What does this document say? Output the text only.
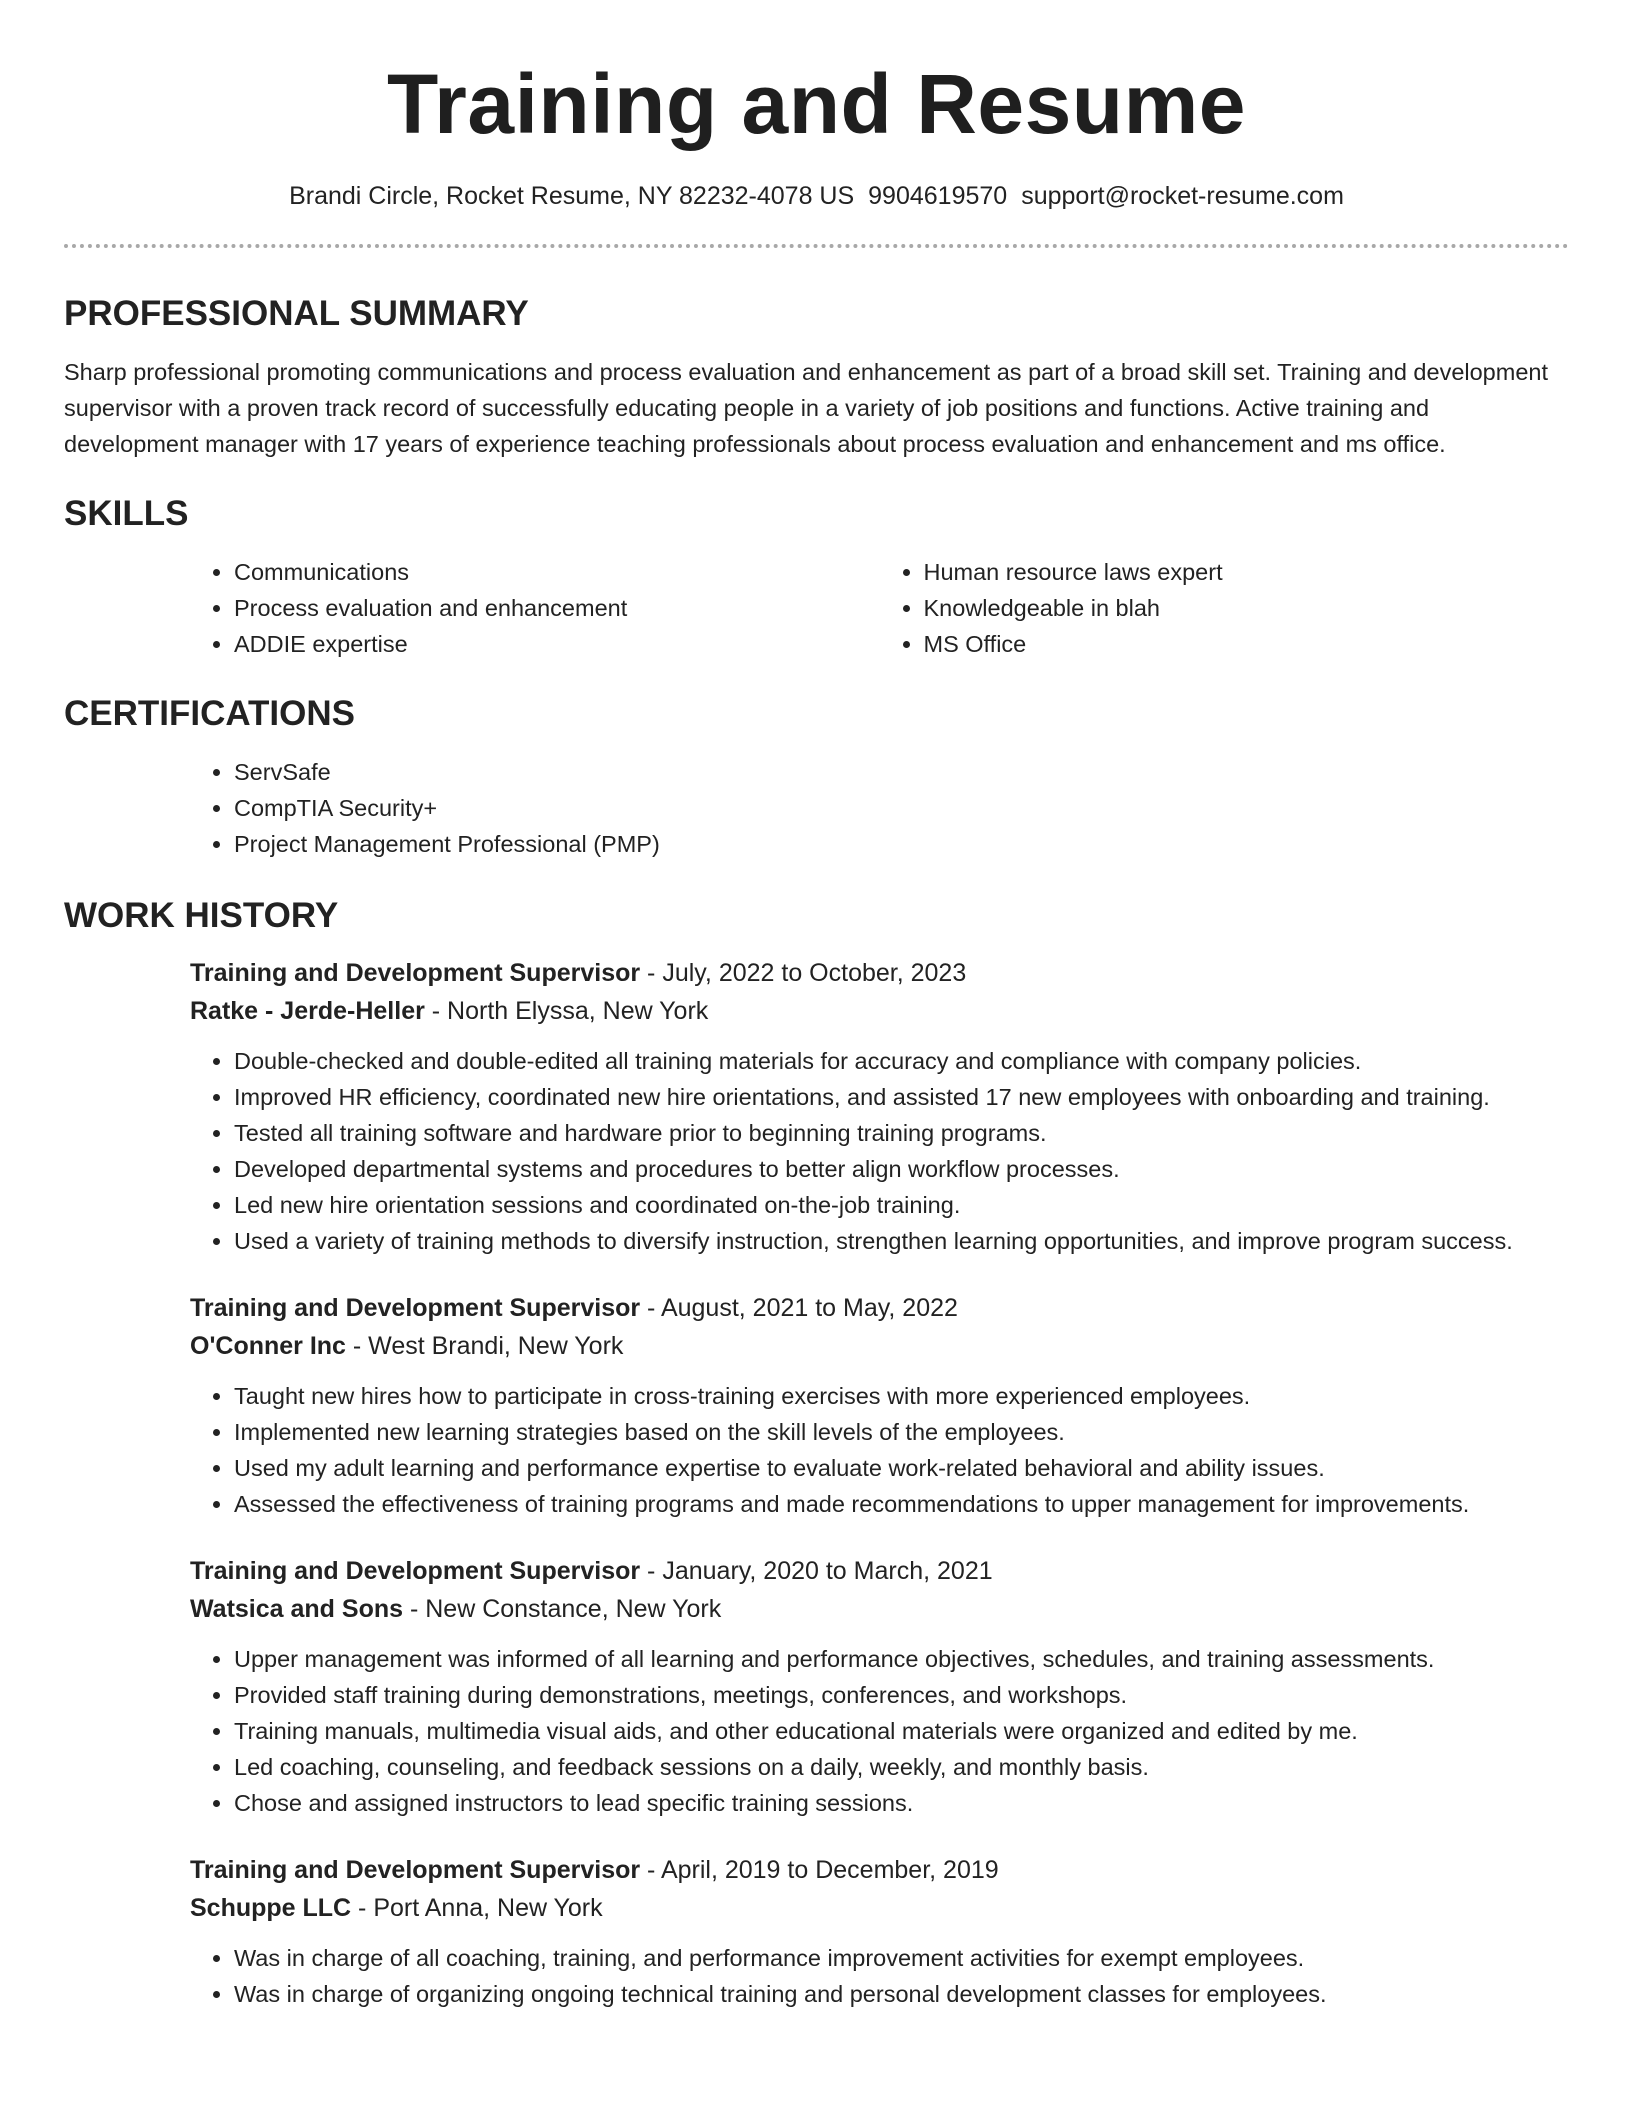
Training and Resume
Brandi Circle, Rocket Resume, NY 82232-4078 US 9904619570 support@rocket-resume.com
PROFESSIONAL SUMMARY

Sharp professional promoting communications and process evaluation and enhancement as part of a broad skill set. Training and development supervisor with a proven track record of successfully educating people in a variety of job positions and functions. Active training and development manager with 17 years of experience teaching professionals about process evaluation and enhancement and ms office.

SKILLS
• Communications
• Process evaluation and enhancement
• ADDIE expertise
• Human resource laws expert
• Knowledgeable in blah
• MS Office
CERTIFICATIONS
• ServSafe
• CompTIA Security+
• Project Management Professional (PMP)
WORK HISTORY
Training and Development Supervisor - July, 2022 to October, 2023
Ratke - Jerde-Heller - North Elyssa, New York
• Double-checked and double-edited all training materials for accuracy and compliance with company policies.
• Improved HR efficiency, coordinated new hire orientations, and assisted 17 new employees with onboarding and training.
• Tested all training software and hardware prior to beginning training programs.
• Developed departmental systems and procedures to better align workflow processes.
• Led new hire orientation sessions and coordinated on-the-job training.
• Used a variety of training methods to diversify instruction, strengthen learning opportunities, and improve program success.
Training and Development Supervisor - August, 2021 to May, 2022
O'Conner Inc - West Brandi, New York
• Taught new hires how to participate in cross-training exercises with more experienced employees.
• Implemented new learning strategies based on the skill levels of the employees.
• Used my adult learning and performance expertise to evaluate work-related behavioral and ability issues.
• Assessed the effectiveness of training programs and made recommendations to upper management for improvements.
Training and Development Supervisor - January, 2020 to March, 2021
Watsica and Sons - New Constance, New York
• Upper management was informed of all learning and performance objectives, schedules, and training assessments.
• Provided staff training during demonstrations, meetings, conferences, and workshops.
• Training manuals, multimedia visual aids, and other educational materials were organized and edited by me.
• Led coaching, counseling, and feedback sessions on a daily, weekly, and monthly basis.
• Chose and assigned instructors to lead specific training sessions.
Training and Development Supervisor - April, 2019 to December, 2019
Schuppe LLC - Port Anna, New York
• Was in charge of all coaching, training, and performance improvement activities for exempt employees.
• Was in charge of organizing ongoing technical training and personal development classes for employees.
